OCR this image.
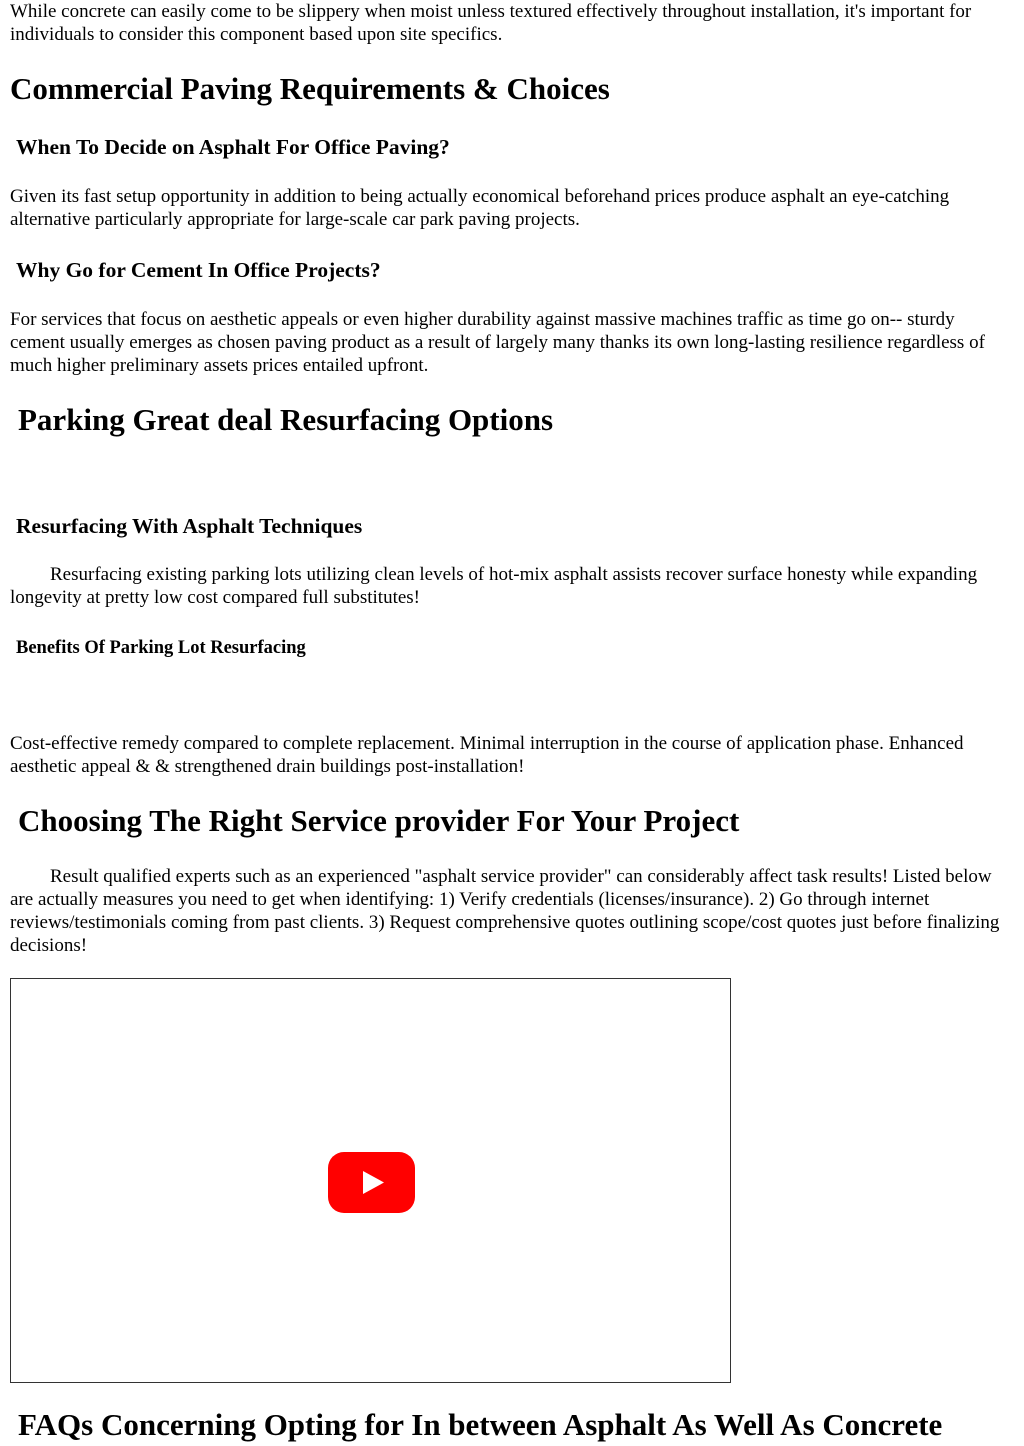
While concrete can easily come to be slippery when moist unless textured effectively throughout installation, it's important for individuals to consider this component based upon site specifics.

Commercial Paving Requirements & Choices
When To Decide on Asphalt For Office Paving?

Given its fast setup opportunity in addition to being actually economical beforehand prices produce asphalt an eye-catching alternative particularly appropriate for large-scale car park paving projects.

Why Go for Cement In Office Projects?

For services that focus on aesthetic appeals or even higher durability against massive machines traffic as time go on-- sturdy cement usually emerges as chosen paving product as a result of largely many thanks its own long-lasting resilience regardless of much higher preliminary assets prices entailed upfront.

Parking Great deal Resurfacing Options
Resurfacing With Asphalt Techniques

Resurfacing existing parking lots utilizing clean levels of hot-mix asphalt assists recover surface honesty while expanding longevity at pretty low cost compared full substitutes!

Benefits Of Parking Lot Resurfacing

Cost-effective remedy compared to complete replacement. Minimal interruption in the course of application phase. Enhanced aesthetic appeal & & strengthened drain buildings post-installation!

Choosing The Right Service provider For Your Project

Result qualified experts such as an experienced "asphalt service provider" can considerably affect task results! Listed below are actually measures you need to get when identifying: 1) Verify credentials (licenses/insurance). 2) Go through internet reviews/testimonials coming from past clients. 3) Request comprehensive quotes outlining scope/cost quotes just before finalizing decisions!

FAQs Concerning Opting for In between Asphalt As Well As Concrete
